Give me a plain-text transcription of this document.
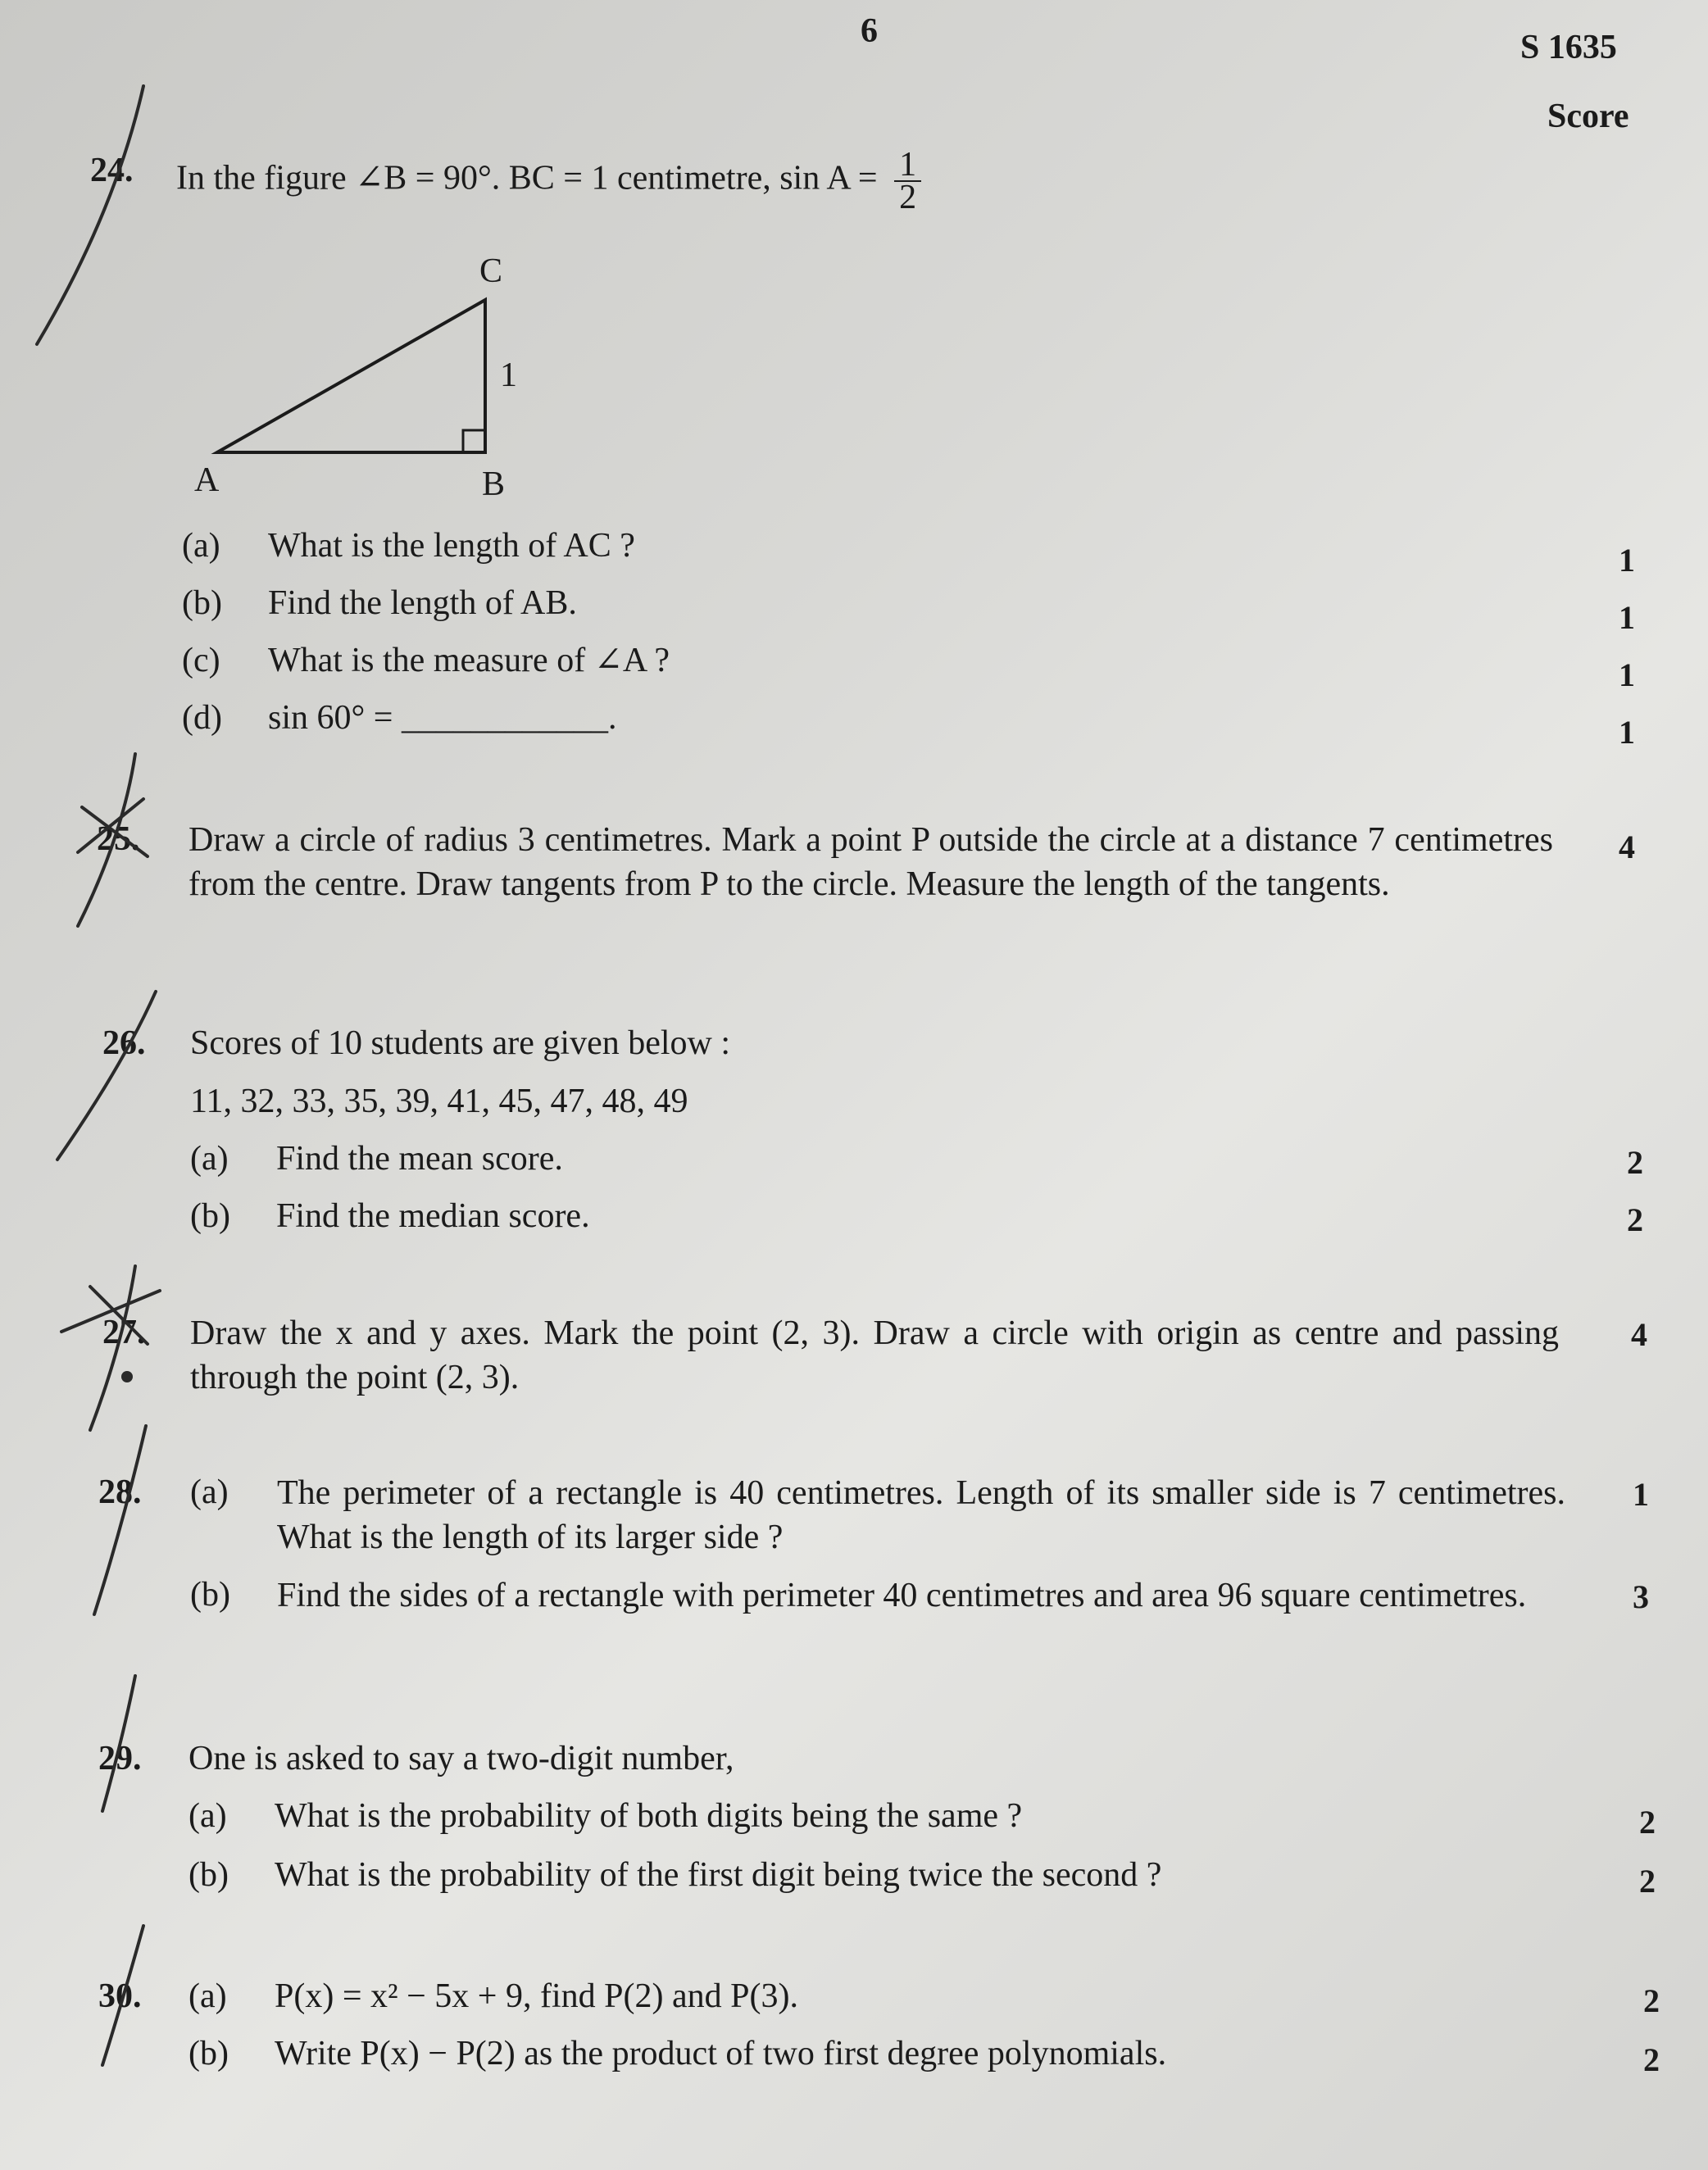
6	S 1635
Score
24. In the figure ∠B = 90°. BC = 1 centimetre, $\sin A = \frac{1}{2}$
A	B
C
1
(a) What is the length of AC ?	1
(b) Find the length of AB.	1
(c) What is the measure of ∠A ?	1
(d) sin 60° = ____________.	1
25. Draw a circle of radius 3 centimetres. Mark a point P outside the circle at a distance 7 centimetres from the centre. Draw tangents from P to the circle. Measure the length of the tangents.
4
26. Scores of 10 students are given below :
11, 32, 33, 35, 39, 41, 45, 47, 48, 49
(a) Find the mean score.	2
(b) Find the median score.	2
27. Draw the x and y axes. Mark the point (2, 3). Draw a circle with origin as centre and passing through the point (2, 3).
4
28. (a) The perimeter of a rectangle is 40 centimetres. Length of its smaller side is 7 centimetres. What is the length of its larger side ?
1
(b) Find the sides of a rectangle with perimeter 40 centimetres and area 96 square centimetres.	3
29. One is asked to say a two-digit number,
(a) What is the probability of both digits being the same ?	2
(b) What is the probability of the first digit being twice the second ?	2
30. (a) P(x) = x² − 5x + 9, find P(2) and P(3).	2
(b) Write P(x) − P(2) as the product of two first degree polynomials.	2
